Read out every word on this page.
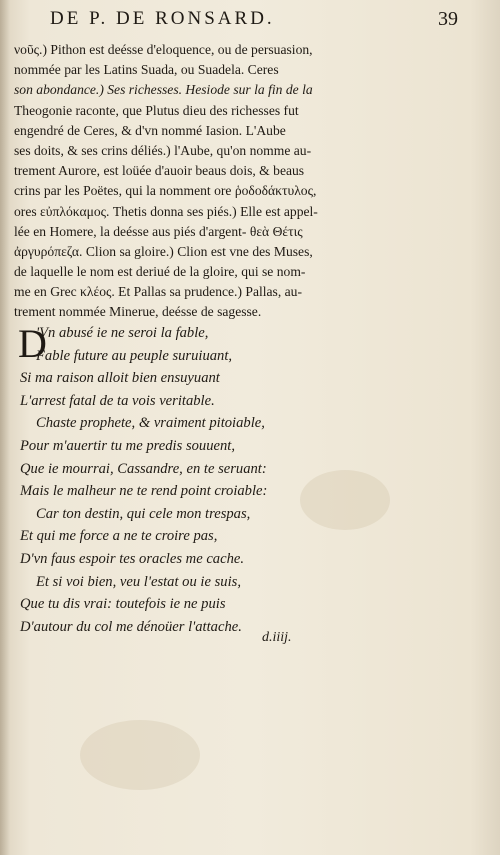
DE P. DE RONSARD.	39
νοῦς.) Pithon est deésse d'eloquence, ou de persuasion,
nommée par les Latins Suada, ou Suadela. Ceres
son abondance.) Ses richesses. Hesiode sur la fin de la
Theogonie raconte, que Plutus dieu des richesses fut
engendré de Ceres, & d'vn nommé Iasion. L'Aube
ses doits, & ses crins déliés.) l'Aube, qu'on nomme au-
trement Aurore, est loüée d'auoir beaus dois, & beaus
crins par les Poëtes, qui la nomment ore ῥοδοδάκτυλος,
ores εὐπλόκαμος. Thetis donna ses piés.) Elle est appel-
lée en Homere, la deésse aus piés d'argent- θεὰ Θέτις
ἀργυρόπεζα. Clion sa gloire.) Clion est vne des Muses,
de laquelle le nom est deriué de la gloire, qui se nom-
me en Grec κλέος. Et Pallas sa prudence.) Pallas, au-
trement nommée Minerue, deésse de sagesse.
D
'Vn abusé ie ne seroi la fable,
Fable future au peuple suruiuant,
Si ma raison alloit bien ensuyuant
L'arrest fatal de ta vois veritable.
Chaste prophete, & vraiment pitoiable,
Pour m'auertir tu me predis souuent,
Que ie mourrai, Cassandre, en te seruant:
Mais le malheur ne te rend point croiable:
Car ton destin, qui cele mon trespas,
Et qui me force a ne te croire pas,
D'vn faus espoir tes oracles me cache.
Et si voi bien, veu l'estat ou ie suis,
Que tu dis vrai: toutefois ie ne puis
D'autour du col me dénoüer l'attache.
d.iiij.
